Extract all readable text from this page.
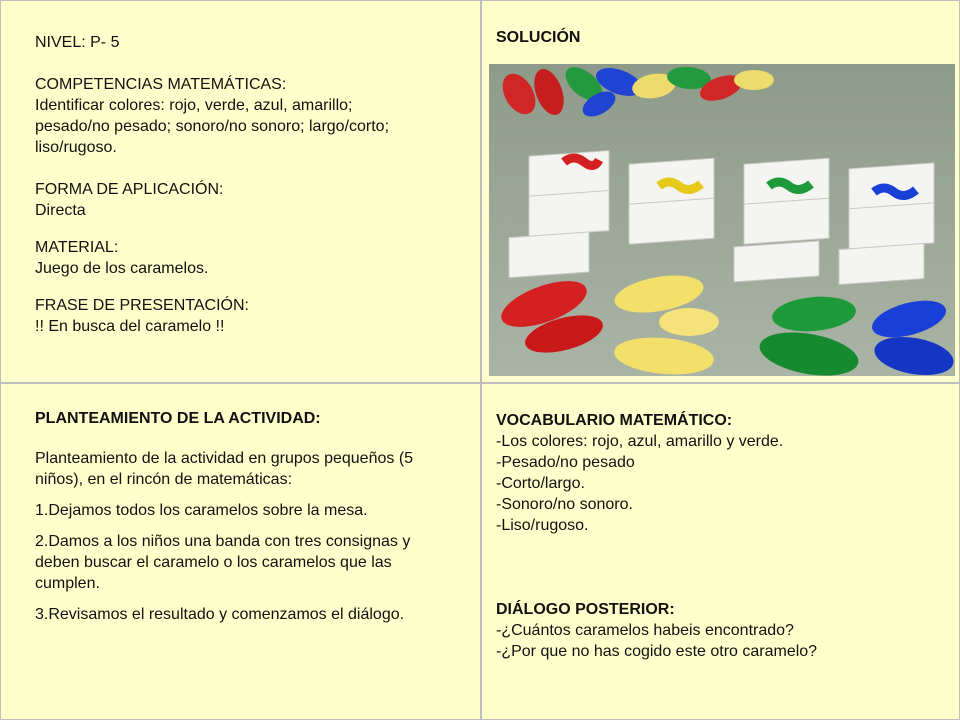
NIVEL: P- 5
COMPETENCIAS MATEMÁTICAS:
Identificar colores: rojo, verde, azul, amarillo;
pesado/no pesado; sonoro/no sonoro; largo/corto;
liso/rugoso.
FORMA DE APLICACIÓN:
Directa
MATERIAL:
Juego de los caramelos.
FRASE DE PRESENTACIÓN:
!! En busca del caramelo !!
SOLUCIÓN
PLANTEAMIENTO DE LA ACTIVIDAD:
Planteamiento de la actividad en grupos pequeños (5
niños), en el rincón de matemáticas:
1.Dejamos todos los caramelos sobre la mesa.
2.Damos a los niños una banda con tres consignas y
deben buscar el caramelo o los caramelos que las
cumplen.
3.Revisamos el resultado y comenzamos el diálogo.
VOCABULARIO MATEMÁTICO:
-Los colores: rojo, azul, amarillo y verde.
-Pesado/no pesado
-Corto/largo.
-Sonoro/no sonoro.
-Liso/rugoso.
DIÁLOGO POSTERIOR:
-¿Cuántos caramelos habeis encontrado?
-¿Por que no has cogido este otro caramelo?
